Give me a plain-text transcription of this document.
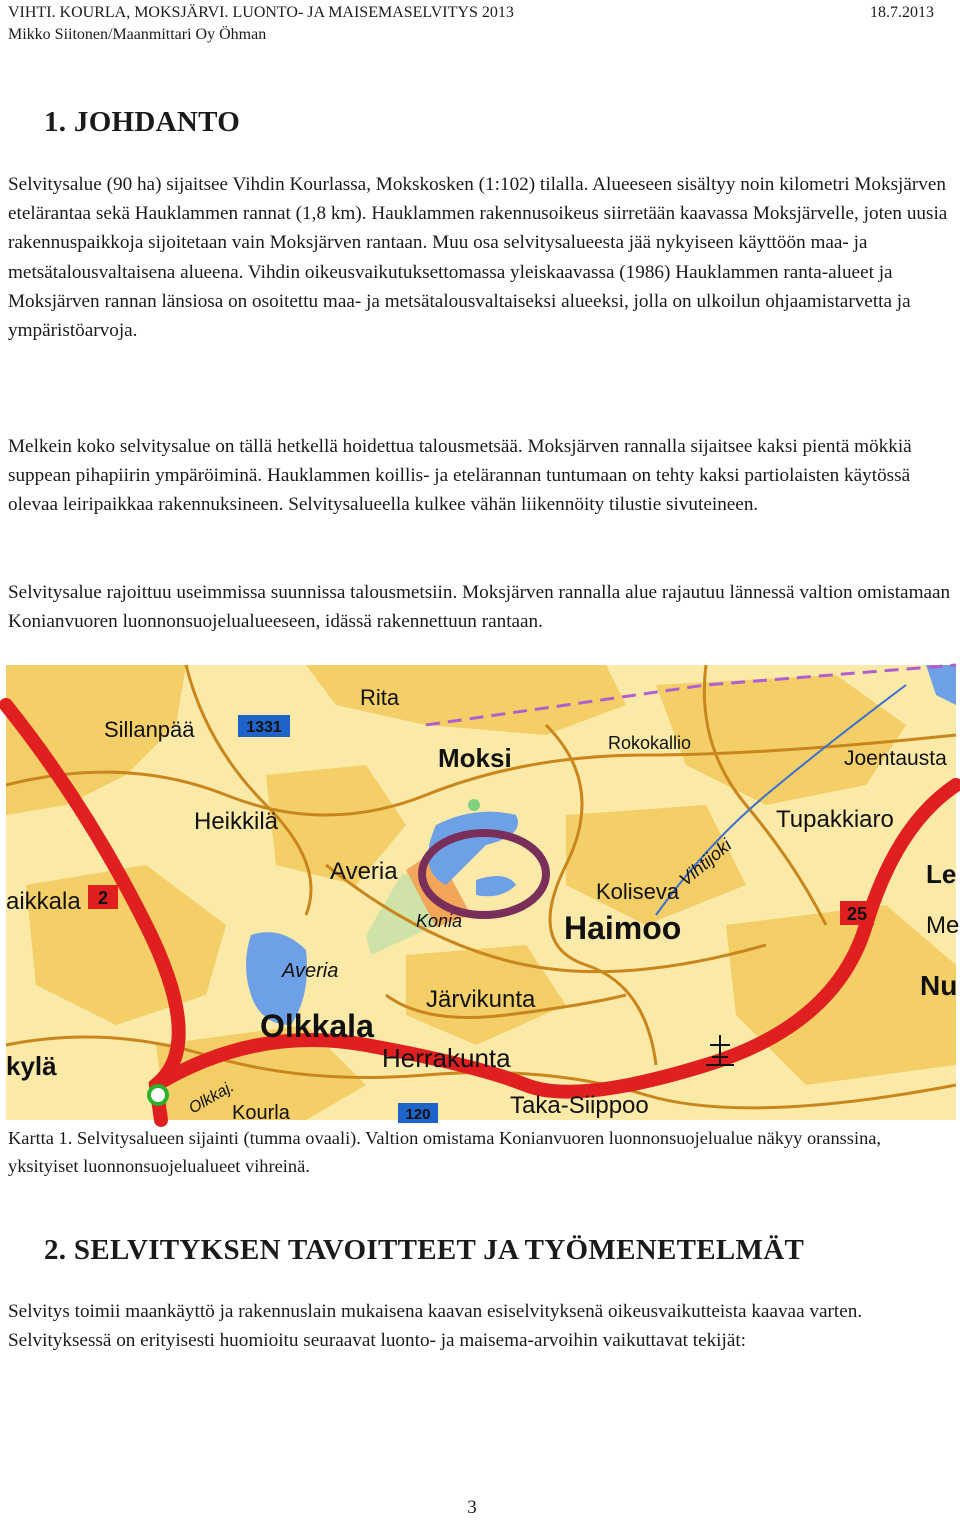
VIHTI. KOURLA, MOKSJÄRVI. LUONTO- JA MAISEMASELVITYS 2013	18.7.2013
Mikko Siitonen/Maanmittari Oy Öhman
1. JOHDANTO

Selvitysalue (90 ha) sijaitsee Vihdin Kourlassa, Mokskosken (1:102) tilalla. Alueeseen sisältyy noin kilometri Moksjärven etelärantaa sekä Hauklammen rannat (1,8 km). Hauklammen rakennusoikeus siirretään kaavassa Moksjärvelle, joten uusia rakennuspaikkoja sijoitetaan vain Moksjärven rantaan. Muu osa selvitysalueesta jää nykyiseen käyttöön maa- ja metsätalousvaltaisena alueena. Vihdin oikeusvaikutuksettomassa yleiskaavassa (1986) Hauklammen ranta-alueet ja Moksjärven rannan länsiosa on osoitettu maa- ja metsätalousvaltaiseksi alueeksi, jolla on ulkoilun ohjaamistarvetta ja ympäristöarvoja.

Melkein koko selvitysalue on tällä hetkellä hoidettua talousmetsää. Moksjärven rannalla sijaitsee kaksi pientä mökkiä suppean pihapiirin ympäröiminä. Hauklammen koillis- ja etelärannan tuntumaan on tehty kaksi partiolaisten käytössä olevaa leiripaikkaa rakennuksineen. Selvitysalueella kulkee vähän liikennöity tilustie sivuteineen.

Selvitysalue rajoittuu useimmissa suunnissa talousmetsiin. Moksjärven rannalla alue rajautuu lännessä valtion omistamaan Konianvuoren luonnonsuojelualueeseen, idässä rakennettuun rantaan.

1331
2
25
120
Rita
Sillanpää
Moksi	Rokokallio
Joentausta
Heikkilä	Tupakkiaro
Vihtijoki
Averia
Koliseva
Haimoo
Konia
Averia
Järvikunta
Olkkala
Herrakunta
Kourla	Taka-Siippoo
Olkkaj.
aikkala
kylä
Le
Me
Nu

Kartta 1. Selvitysalueen sijainti (tumma ovaali). Valtion omistama Konianvuoren luonnonsuojelualue näkyy oranssina, yksityiset luonnonsuojelualueet vihreinä.

2. SELVITYKSEN TAVOITTEET JA TYÖMENETELMÄT

Selvitys toimii maankäyttö ja rakennuslain mukaisena kaavan esiselvityksenä oikeusvaikutteista kaavaa varten. Selvityksessä on erityisesti huomioitu seuraavat luonto- ja maisema-arvoihin vaikuttavat tekijät:

3
